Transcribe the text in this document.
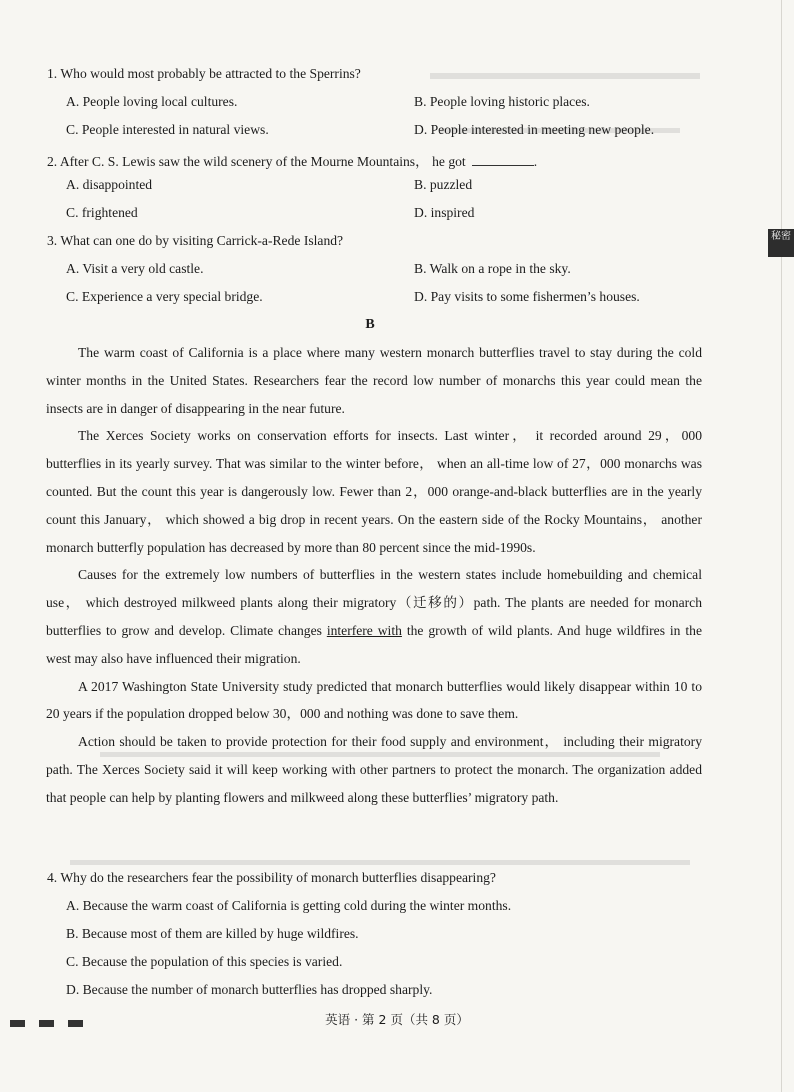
秘密
1. Who would most probably be attracted to the Sperrins?
A. People loving local cultures.	B. People loving historic places.
C. People interested in natural views.	D. People interested in meeting new people.
2. After C. S. Lewis saw the wild scenery of the Mourne Mountains， he got	.
A. disappointed	B. puzzled
C. frightened	D. inspired
3. What can one do by visiting Carrick-a-Rede Island?
A. Visit a very old castle.	B. Walk on a rope in the sky.
C. Experience a very special bridge.	D. Pay visits to some fishermen’s houses.
B

The warm coast of California is a place where many western monarch butterflies travel to stay during the cold winter months in the United States. Researchers fear the record low number of monarchs this year could mean the insects are in danger of disappearing in the near future.

The Xerces Society works on conservation efforts for insects. Last winter， it recorded around 29，000 butterflies in its yearly survey. That was similar to the winter before， when an all-time low of 27，000 monarchs was counted. But the count this year is dangerously low. Fewer than 2，000 orange-and-black butterflies are in the yearly count this January， which showed a big drop in recent years. On the eastern side of the Rocky Mountains， another monarch butterfly population has decreased by more than 80 percent since the mid-1990s.

Causes for the extremely low numbers of butterflies in the western states include homebuilding and chemical use， which destroyed milkweed plants along their migratory（迁移的）path. The plants are needed for monarch butterflies to grow and develop. Climate changes interfere with the growth of wild plants. And huge wildfires in the west may also have influenced their migration.

A 2017 Washington State University study predicted that monarch butterflies would likely disappear within 10 to 20 years if the population dropped below 30，000 and nothing was done to save them.

Action should be taken to provide protection for their food supply and environment， including their migratory path. The Xerces Society said it will keep working with other partners to protect the monarch. The organization added that people can help by planting flowers and milkweed along these butterflies’ migratory path.

4. Why do the researchers fear the possibility of monarch butterflies disappearing?
A. Because the warm coast of California is getting cold during the winter months.
B. Because most of them are killed by huge wildfires.
C. Because the population of this species is varied.
D. Because the number of monarch butterflies has dropped sharply.
英语 · 第 2 页（共 8 页）
